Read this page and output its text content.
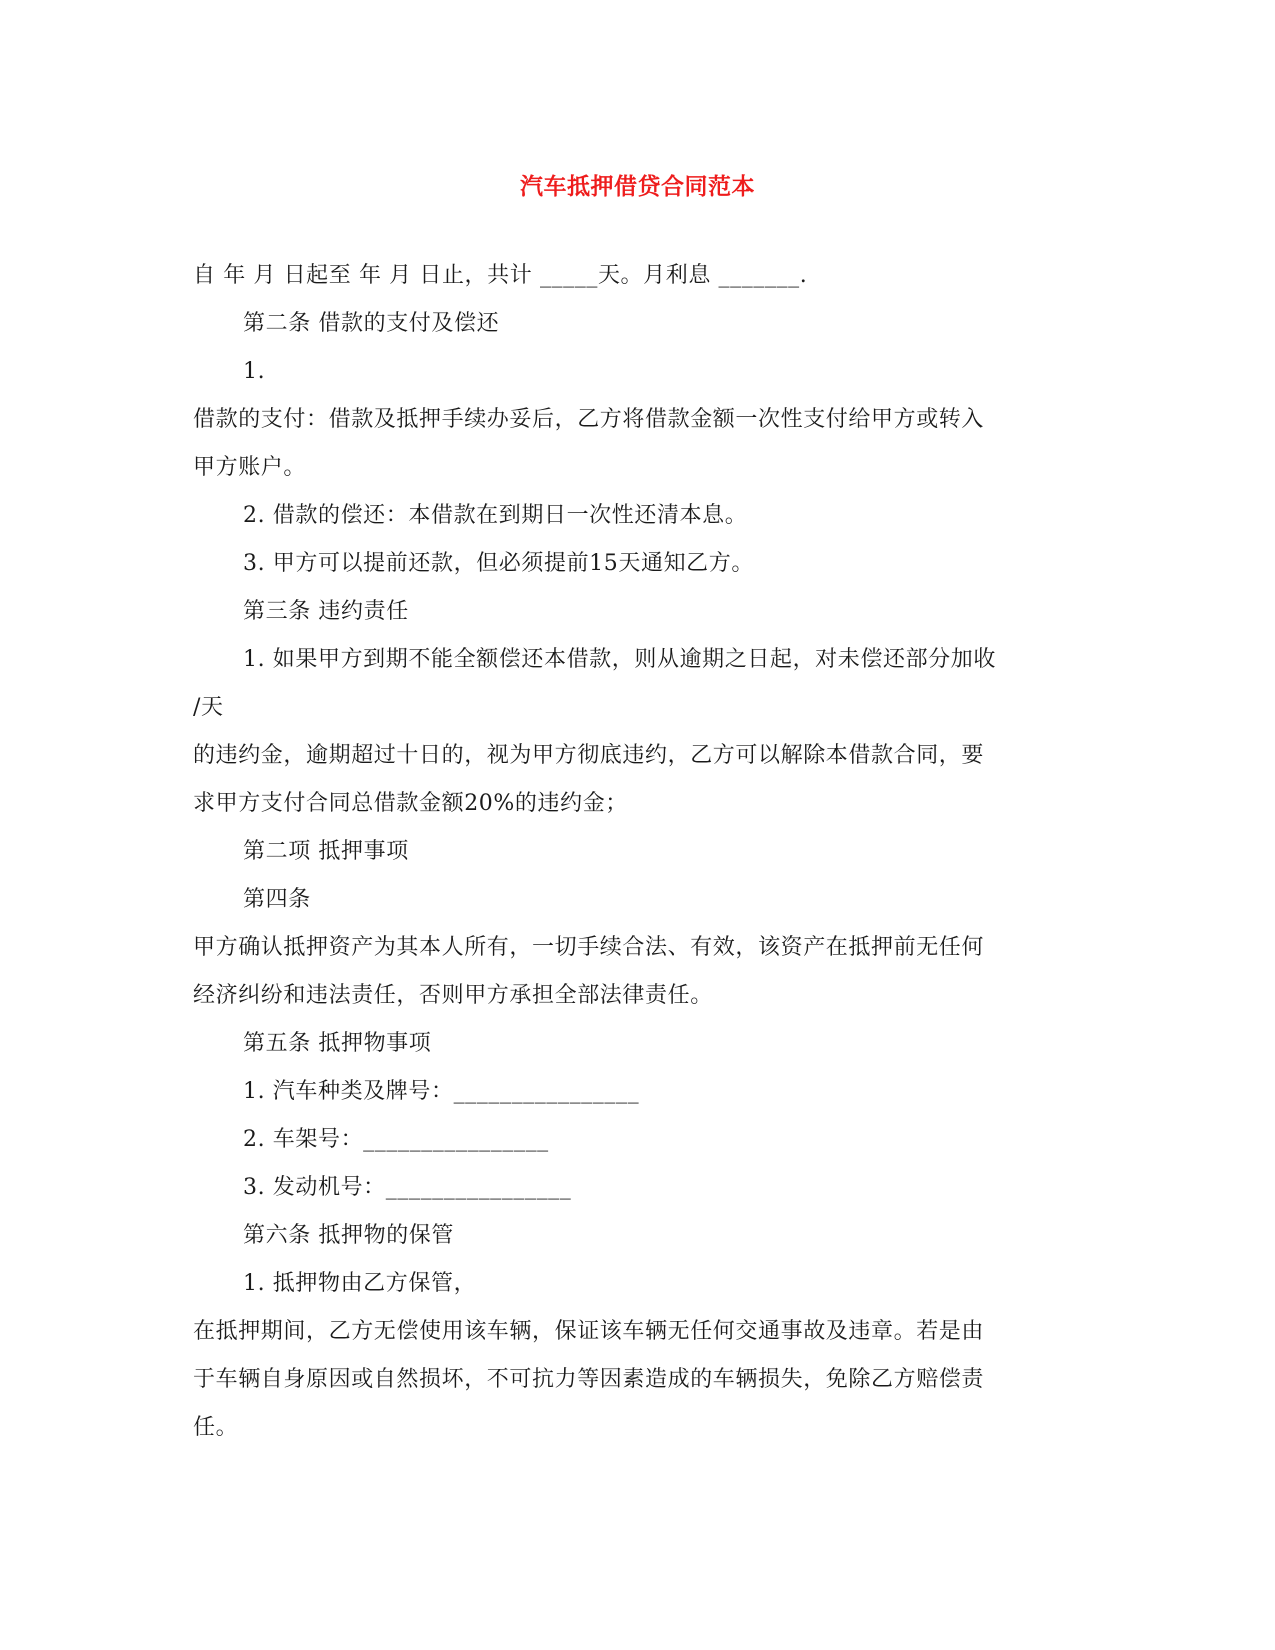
汽车抵押借贷合同范本
自 年 月 日起至 年 月 日止，共计 _____天。月利息 _______.
第二条 借款的支付及偿还
1.
借款的支付：借款及抵押手续办妥后，乙方将借款金额一次性支付给甲方或转入
甲方账户。
2. 借款的偿还：本借款在到期日一次性还清本息。
3. 甲方可以提前还款，但必须提前15天通知乙方。
第三条 违约责任
1. 如果甲方到期不能全额偿还本借款，则从逾期之日起，对未偿还部分加收
/天
的违约金，逾期超过十日的，视为甲方彻底违约，乙方可以解除本借款合同，要
求甲方支付合同总借款金额20%的违约金；
第二项 抵押事项
第四条
甲方确认抵押资产为其本人所有，一切手续合法、有效，该资产在抵押前无任何
经济纠纷和违法责任，否则甲方承担全部法律责任。
第五条 抵押物事项
1. 汽车种类及牌号：________________
2. 车架号：________________
3. 发动机号：________________
第六条 抵押物的保管
1. 抵押物由乙方保管，
在抵押期间，乙方无偿使用该车辆，保证该车辆无任何交通事故及违章。若是由
于车辆自身原因或自然损坏，不可抗力等因素造成的车辆损失，免除乙方赔偿责
任。
